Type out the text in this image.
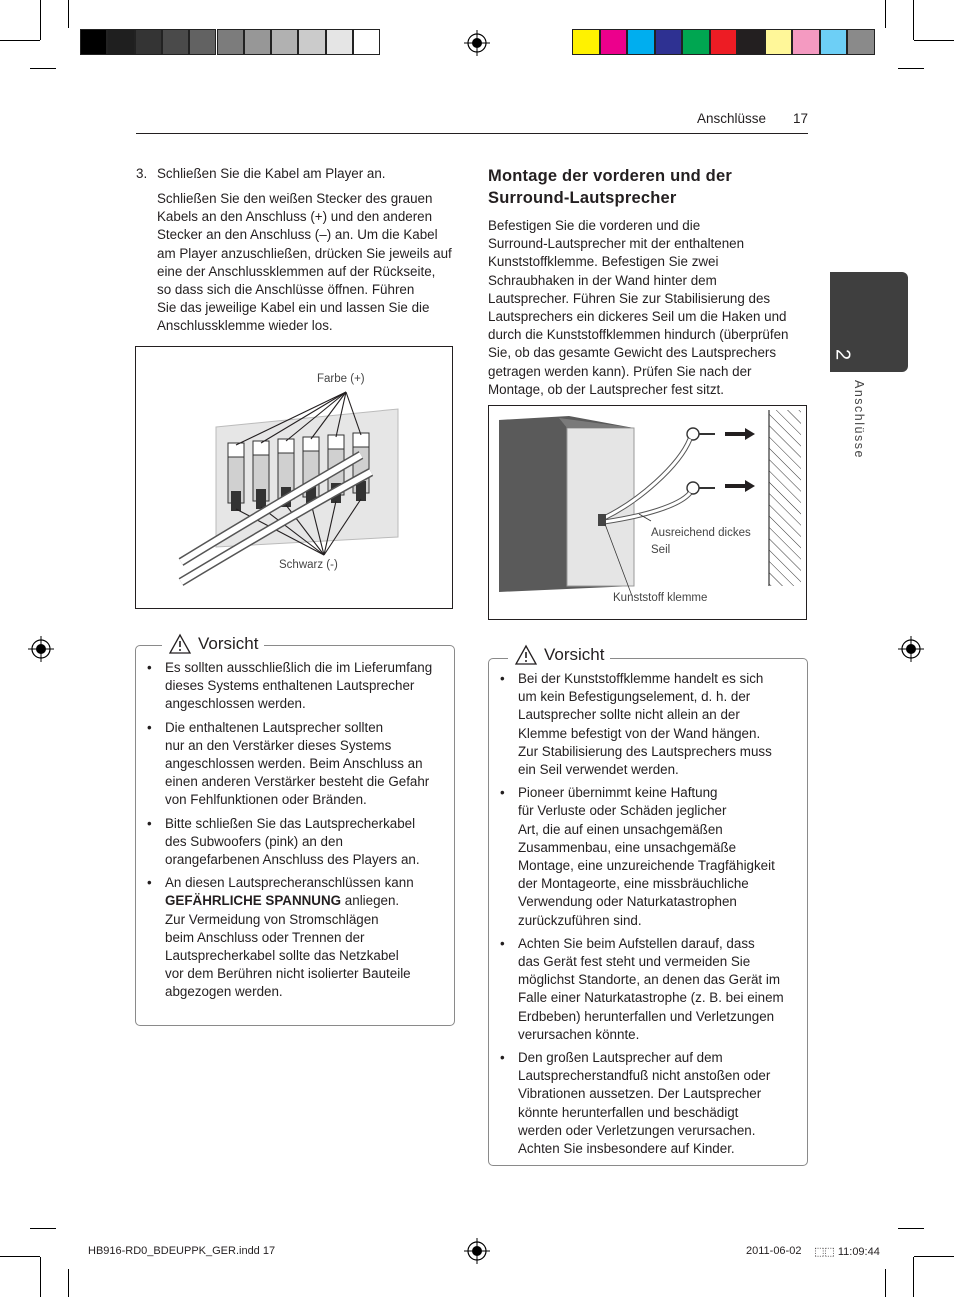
Anschlüsse 17
2
Anschlüsse
3. Schließen Sie die Kabel am Player an.
Schließen Sie den weißen Stecker des grauen
Kabels an den Anschluss (+) und den anderen
Stecker an den Anschluss (–) an. Um die Kabel
am Player anzuschließen, drücken Sie jeweils auf
eine der Anschlussklemmen auf der Rückseite,
so dass sich die Anschlüsse öffnen. Führen
Sie das jeweilige Kabel ein und lassen Sie die
Anschlussklemme wieder los.
Farbe (+)
Schwarz (-)
Vorsicht
• Es sollten ausschließlich die im Lieferumfang
dieses Systems enthaltenen Lautsprecher
angeschlossen werden.
• Die enthaltenen Lautsprecher sollten
nur an den Verstärker dieses Systems
angeschlossen werden. Beim Anschluss an
einen anderen Verstärker besteht die Gefahr
von Fehlfunktionen oder Bränden.
• Bitte schließen Sie das Lautsprecherkabel
des Subwoofers (pink) an den
orangefarbenen Anschluss des Players an.
• An diesen Lautsprecheranschlüssen kann
GEFÄHRLICHE SPANNUNG anliegen.
Zur Vermeidung von Stromschlägen
beim Anschluss oder Trennen der
Lautsprecherkabel sollte das Netzkabel
vor dem Berühren nicht isolierter Bauteile
abgezogen werden.
Montage der vorderen und der
Surround-Lautsprecher
Befestigen Sie die vorderen und die
Surround-Lautsprecher mit der enthaltenen
Kunststoffklemme. Befestigen Sie zwei
Schraubhaken in der Wand hinter dem
Lautsprecher. Führen Sie zur Stabilisierung des
Lautsprechers ein dickeres Seil um die Haken und
durch die Kunststoffklemmen hindurch (überprüfen
Sie, ob das gesamte Gewicht des Lautsprechers
getragen werden kann). Prüfen Sie nach der
Montage, ob der Lautsprecher fest sitzt.
Ausreichend dickes
Seil
Kunststoff klemme
Vorsicht
• Bei der Kunststoffklemme handelt es sich
um kein Befestigungselement, d. h. der
Lautsprecher sollte nicht allein an der
Klemme befestigt von der Wand hängen.
Zur Stabilisierung des Lautsprechers muss
ein Seil verwendet werden.
• Pioneer übernimmt keine Haftung
für Verluste oder Schäden jeglicher
Art, die auf einen unsachgemäßen
Zusammenbau, eine unsachgemäße
Montage, eine unzureichende Tragfähigkeit
der Montageorte, eine missbräuchliche
Verwendung oder Naturkatastrophen
zurückzuführen sind.
• Achten Sie beim Aufstellen darauf, dass
das Gerät fest steht und vermeiden Sie
möglichst Standorte, an denen das Gerät im
Falle einer Naturkatastrophe (z. B. bei einem
Erdbeben) herunterfallen und Verletzungen
verursachen könnte.
• Den großen Lautsprecher auf dem
Lautsprecherstandfuß nicht anstoßen oder
Vibrationen aussetzen. Der Lautsprecher
könnte herunterfallen und beschädigt
werden oder Verletzungen verursachen.
Achten Sie insbesondere auf Kinder.
HB916-RD0_BDEUPPK_GER.indd 17	2011-06-02 ⬚⬚ 11:09:44
